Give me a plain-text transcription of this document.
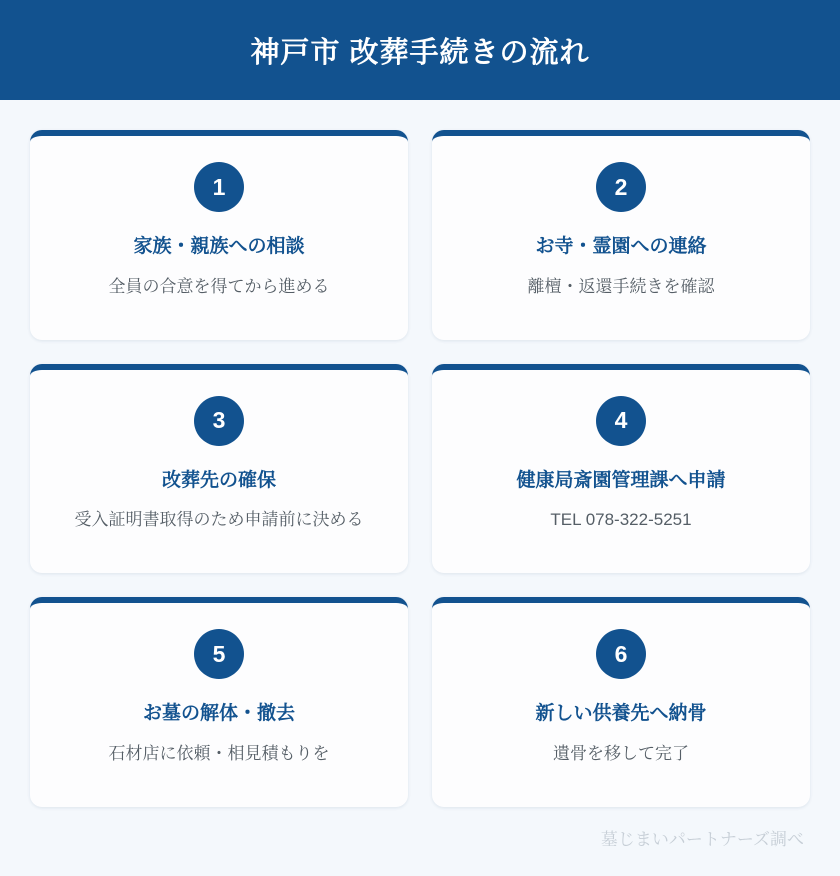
神戸市 改葬手続きの流れ
1
家族・親族への相談
全員の合意を得てから進める
2
お寺・霊園への連絡
離檀・返還手続きを確認
3
改葬先の確保
受入証明書取得のため申請前に決める
4
健康局斎園管理課へ申請
TEL 078-322-5251
5
お墓の解体・撤去
石材店に依頼・相見積もりを
6
新しい供養先へ納骨
遺骨を移して完了
墓じまいパートナーズ調べ
